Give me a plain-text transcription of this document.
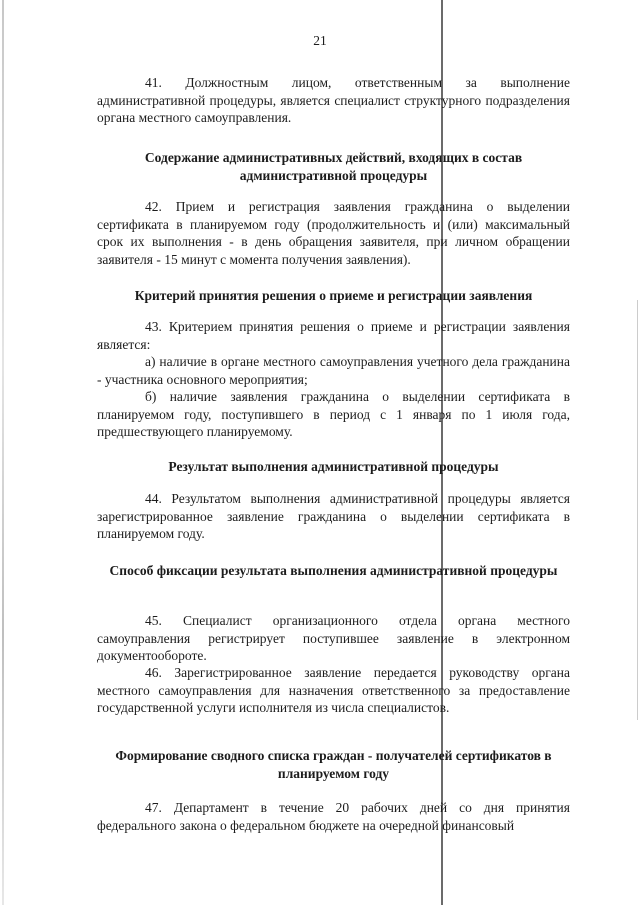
21

41. Должностным лицом, ответственным за выполнение административной процедуры, является специалист структурного подразделения органа местного самоуправления.

Содержание административных действий, входящих в состав административной процедуры

42. Прием и регистрация заявления гражданина о выделении сертификата в планируемом году (продолжительность и (или) максимальный срок их выполнения - в день обращения заявителя, при личном обращении заявителя - 15 минут с момента получения заявления).

Критерий принятия решения о приеме и регистрации заявления

43. Критерием принятия решения о приеме и регистрации заявления является:

а) наличие в органе местного самоуправления учетного дела гражданина - участника основного мероприятия;

б) наличие заявления гражданина о выделении сертификата в планируемом году, поступившего в период с 1 января по 1 июля года, предшествующего планируемому.

Результат выполнения административной процедуры

44. Результатом выполнения административной процедуры является зарегистрированное заявление гражданина о выделении сертификата в планируемом году.

Способ фиксации результата выполнения административной процедуры

45. Специалист организационного отдела органа местного самоуправления регистрирует поступившее заявление в электронном документообороте.

46. Зарегистрированное заявление передается руководству органа местного самоуправления для назначения ответственного за предоставление государственной услуги исполнителя из числа специалистов.

Формирование сводного списка граждан - получателей сертификатов в планируемом году

47. Департамент в течение 20 рабочих дней со дня принятия федерального закона о федеральном бюджете на очередной финансовый
